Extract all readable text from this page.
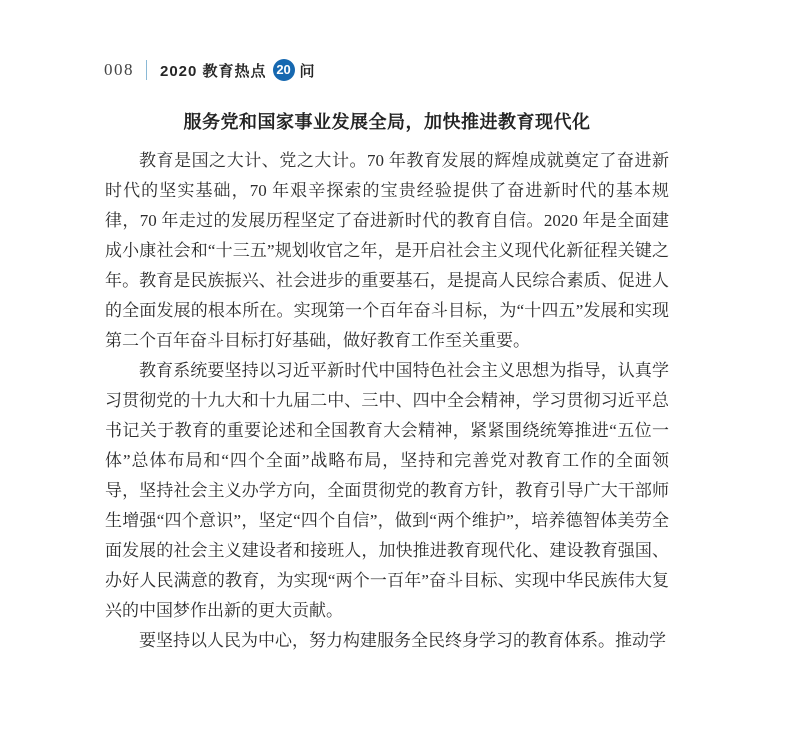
008 2020 教育热点 20 问
服务党和国家事业发展全局，加快推进教育现代化

教育是国之大计、党之大计。70 年教育发展的辉煌成就奠定了奋进新时代的坚实基础，70 年艰辛探索的宝贵经验提供了奋进新时代的基本规律，70 年走过的发展历程坚定了奋进新时代的教育自信。2020 年是全面建成小康社会和“十三五”规划收官之年，是开启社会主义现代化新征程关键之年。教育是民族振兴、社会进步的重要基石，是提高人民综合素质、促进人的全面发展的根本所在。实现第一个百年奋斗目标，为“十四五”发展和实现第二个百年奋斗目标打好基础，做好教育工作至关重要。

教育系统要坚持以习近平新时代中国特色社会主义思想为指导，认真学习贯彻党的十九大和十九届二中、三中、四中全会精神，学习贯彻习近平总书记关于教育的重要论述和全国教育大会精神，紧紧围绕统筹推进“五位一体”总体布局和“四个全面”战略布局，坚持和完善党对教育工作的全面领导，坚持社会主义办学方向，全面贯彻党的教育方针，教育引导广大干部师生增强“四个意识”，坚定“四个自信”，做到“两个维护”，培养德智体美劳全面发展的社会主义建设者和接班人，加快推进教育现代化、建设教育强国、办好人民满意的教育，为实现“两个一百年”奋斗目标、实现中华民族伟大复兴的中国梦作出新的更大贡献。

要坚持以人民为中心，努力构建服务全民终身学习的教育体系。推动学
